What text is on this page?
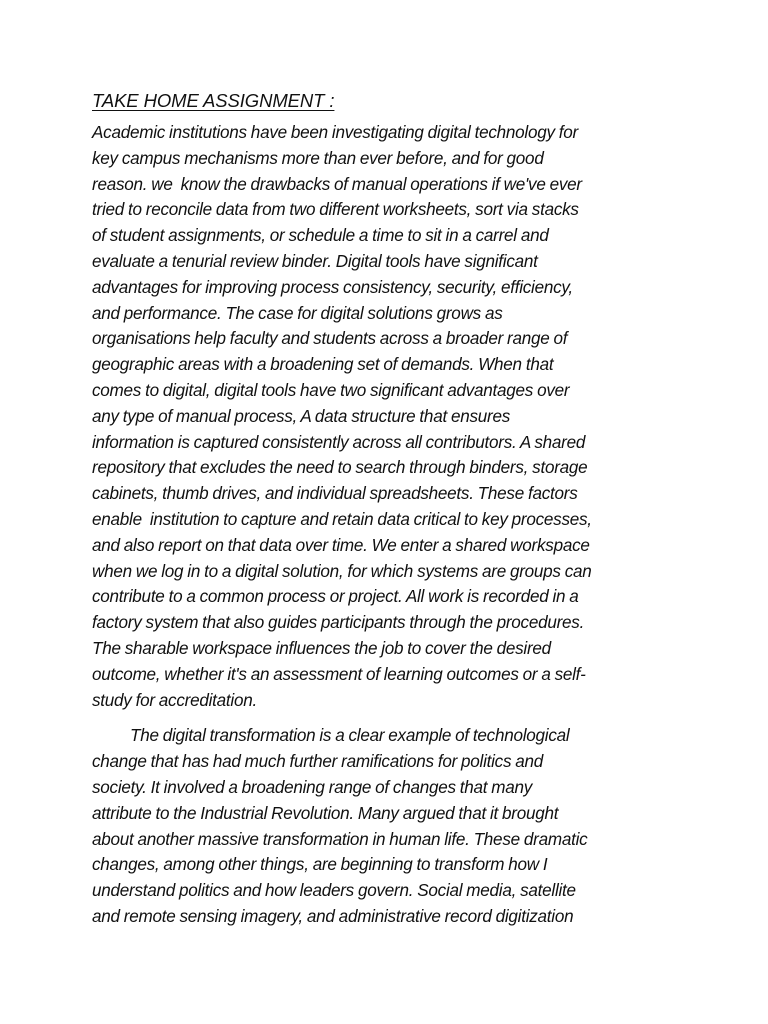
TAKE HOME ASSIGNMENT :

Academic institutions have been investigating digital technology for
key campus mechanisms more than ever before, and for good
reason. we  know the drawbacks of manual operations if we've ever
tried to reconcile data from two different worksheets, sort via stacks
of student assignments, or schedule a time to sit in a carrel and
evaluate a tenurial review binder. Digital tools have significant
advantages for improving process consistency, security, efficiency,
and performance. The case for digital solutions grows as
organisations help faculty and students across a broader range of
geographic areas with a broadening set of demands. When that
comes to digital, digital tools have two significant advantages over
any type of manual process, A data structure that ensures
information is captured consistently across all contributors. A shared
repository that excludes the need to search through binders, storage
cabinets, thumb drives, and individual spreadsheets. These factors
enable  institution to capture and retain data critical to key processes,
and also report on that data over time. We enter a shared workspace
when we log in to a digital solution, for which systems are groups can
contribute to a common process or project. All work is recorded in a
factory system that also guides participants through the procedures.
The sharable workspace influences the job to cover the desired
outcome, whether it's an assessment of learning outcomes or a self-
study for accreditation.

The digital transformation is a clear example of technological
change that has had much further ramifications for politics and
society. It involved a broadening range of changes that many
attribute to the Industrial Revolution. Many argued that it brought
about another massive transformation in human life. These dramatic
changes, among other things, are beginning to transform how I
understand politics and how leaders govern. Social media, satellite
and remote sensing imagery, and administrative record digitization
